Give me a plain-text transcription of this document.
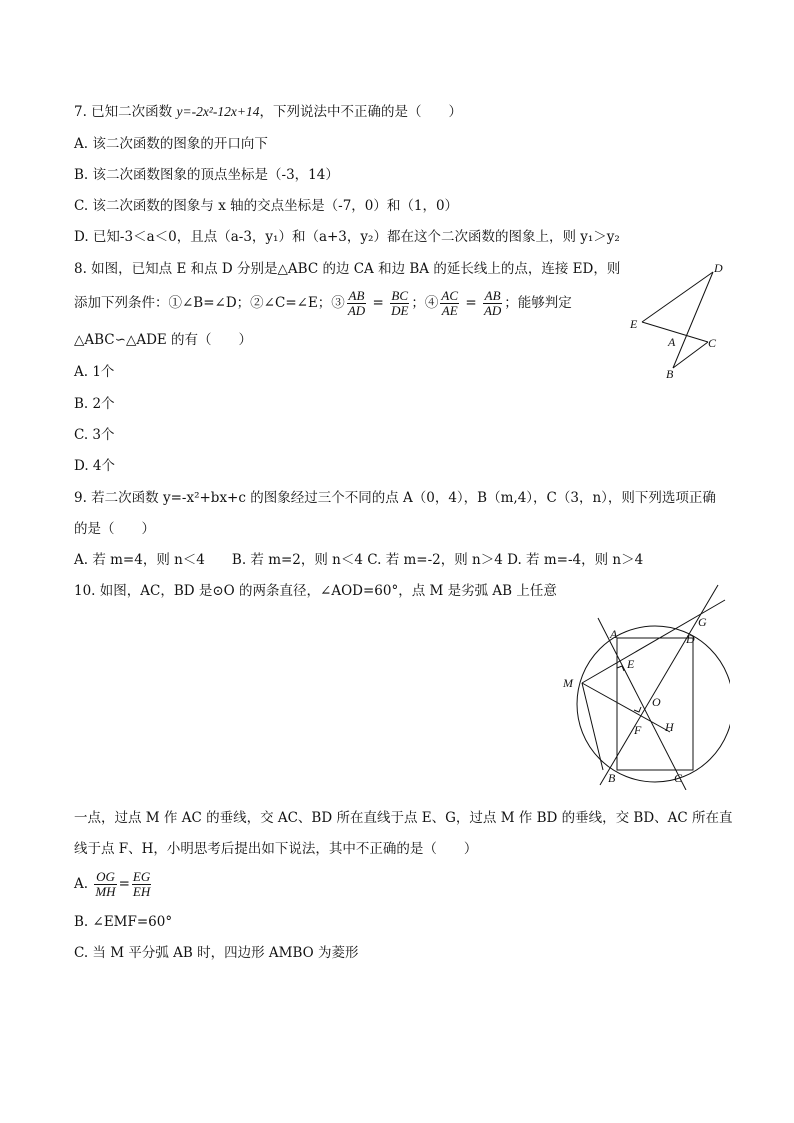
7. 已知二次函数 y=-2x²-12x+14，下列说法中不正确的是（　　）
A. 该二次函数的图象的开口向下
B. 该二次函数图象的顶点坐标是（-3，14）
C. 该二次函数的图象与 x 轴的交点坐标是（-7，0）和（1，0）
D. 已知-3＜a＜0，且点（a-3，y₁）和（a+3，y₂）都在这个二次函数的图象上，则 y₁＞y₂
8. 如图，已知点 E 和点 D 分别是△ABC 的边 CA 和边 BA 的延长线上的点，连接 ED，则
添加下列条件：①∠B=∠D；②∠C=∠E；③ $\frac{AB}{AD} = \frac{BC}{DE}$ ；④ $\frac{AC}{AE} = \frac{AB}{AD}$ ；能够判定
△ABC∽△ADE 的有（　　）
A. 1个
B. 2个
C. 3个
D. 4个
D
E
A	C
B
9. 若二次函数 y=-x²+bx+c 的图象经过三个不同的点 A（0，4），B（m,4），C（3，n），则下列选项正确
的是（　　）
A. 若 m=4，则 n＜4　　B. 若 m=2，则 n＜4 C. 若 m=-2，则 n＞4 D. 若 m=-4，则 n＞4
10. 如图，AC，BD 是⊙O 的两条直径，∠AOD=60°，点 M 是劣弧 AB 上任意
A	D
G
E
M
O
F H
B	C
一点，过点 M 作 AC 的垂线，交 AC、BD 所在直线于点 E、G，过点 M 作 BD 的垂线，交 BD、AC 所在直
线于点 F、H，小明思考后提出如下说法，其中不正确的是（　　）
A. $\frac{OG}{MH} = \frac{EG}{EH}$
B. ∠EMF=60°
C. 当 M 平分弧 AB 时，四边形 AMBO 为菱形
